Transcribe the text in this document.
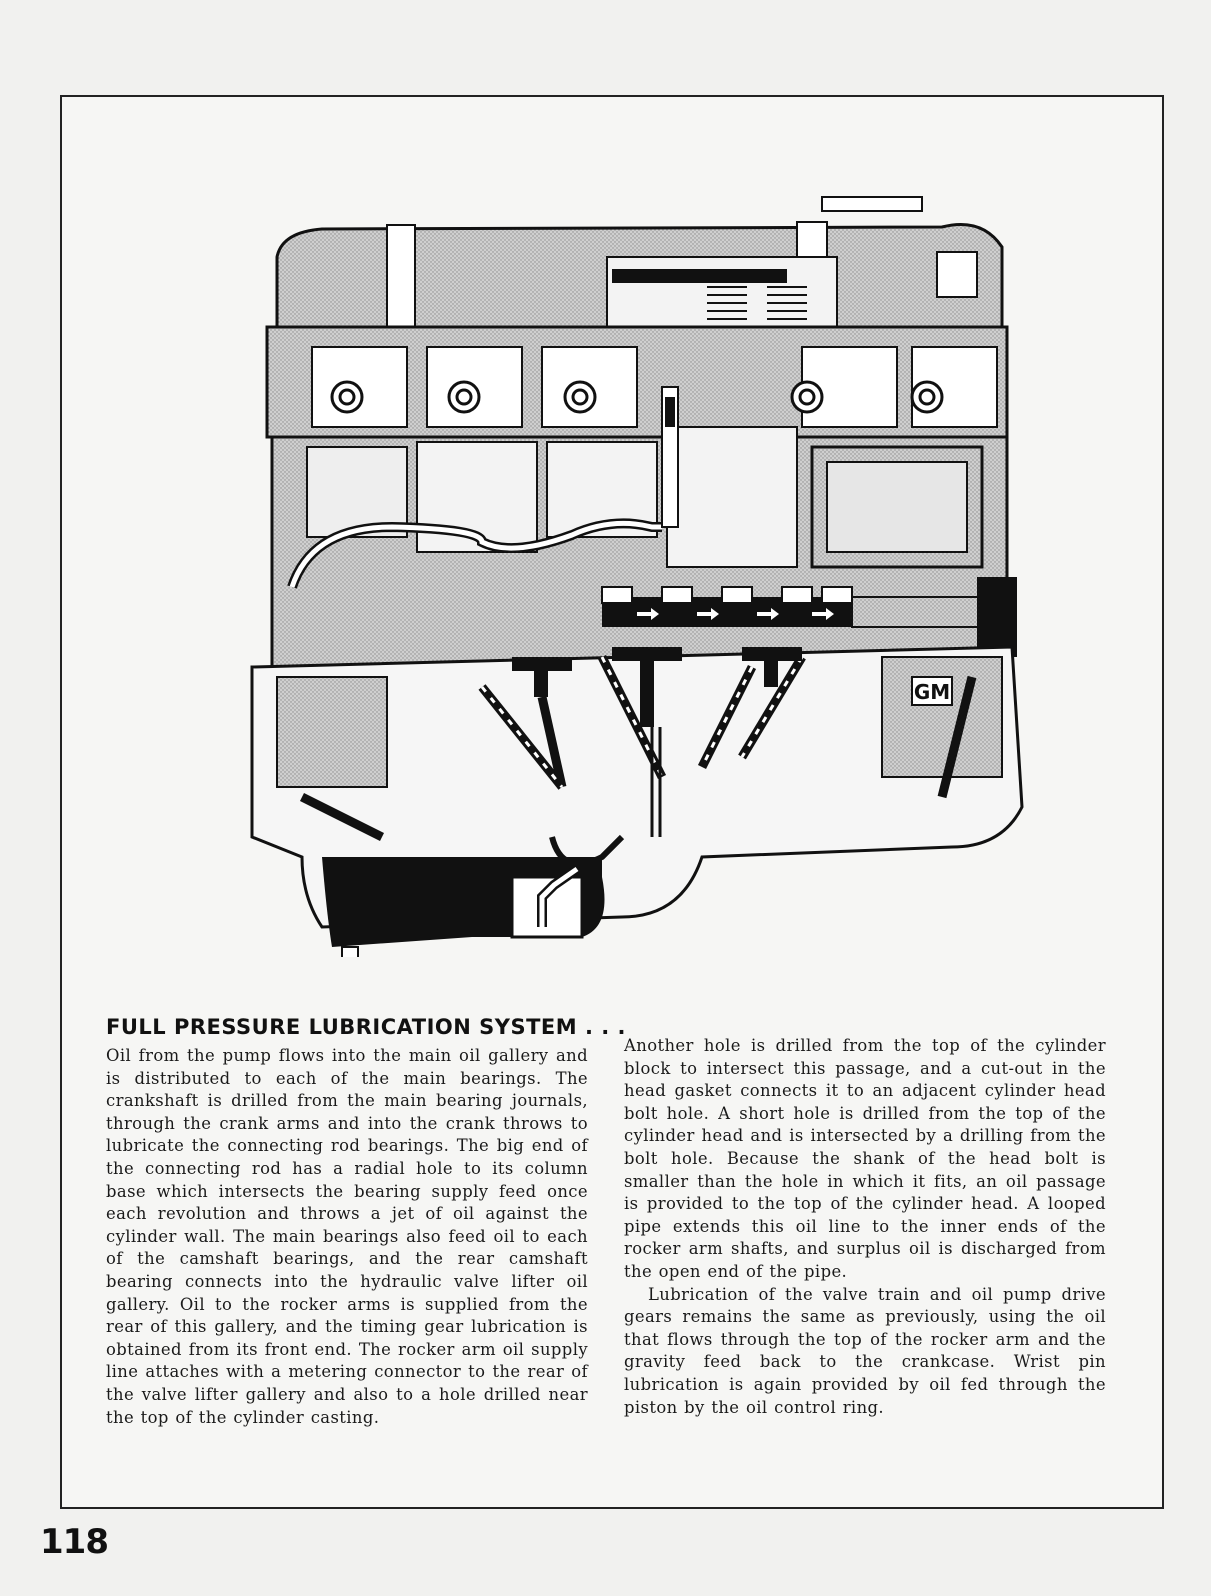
GM
FULL PRESSURE LUBRICATION SYSTEM . . .

Oil from the pump flows into the main oil gallery and is distributed to each of the main bearings. The crankshaft is drilled from the main bearing journals, through the crank arms and into the crank throws to lubricate the connecting rod bearings. The big end of the connecting rod has a radial hole to its column base which intersects the bearing supply feed once each revolution and throws a jet of oil against the cylinder wall. The main bearings also feed oil to each of the camshaft bearings, and the rear camshaft bearing connects into the hydraulic valve lifter oil gallery. Oil to the rocker arms is supplied from the rear of this gallery, and the timing gear lubrication is obtained from its front end. The rocker arm oil supply line attaches with a metering connector to the rear of the valve lifter gallery and also to a hole drilled near the top of the cylinder casting.

Another hole is drilled from the top of the cylinder block to intersect this passage, and a cut-out in the head gasket connects it to an adjacent cylinder head bolt hole. A short hole is drilled from the top of the cylinder head and is intersected by a drilling from the bolt hole. Because the shank of the head bolt is smaller than the hole in which it fits, an oil passage is provided to the top of the cylinder head. A looped pipe extends this oil line to the inner ends of the rocker arm shafts, and surplus oil is discharged from the open end of the pipe.

Lubrication of the valve train and oil pump drive gears remains the same as previously, using the oil that flows through the top of the rocker arm and the gravity feed back to the crankcase. Wrist pin lubrication is again provided by oil fed through the piston by the oil control ring.

118
